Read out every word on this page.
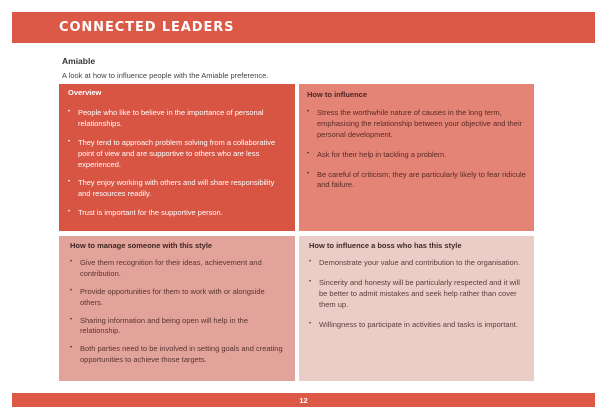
CONNECTED LEADERS
Amiable
A look at how to influence people with the Amiable preference.
Overview
• People who like to believe in the importance of personal relationships.
• They tend to approach problem solving from a collaborative point of view and are supportive to others who are less experienced.
• They enjoy working with others and will share responsibility and resources readily.
• Trust is important for the supportive person.
How to influence
• Stress the worthwhile nature of causes in the long term, emphasising the relationship between your objective and their personal development.
• Ask for their help in tackling a problem.
• Be careful of criticism; they are particularly likely to fear ridicule and failure.
How to manage someone with this style
• Give them recognition for their ideas, achievement and contribution.
• Provide opportunities for them to work with or alongside others.
• Sharing information and being open will help in the relationship.
• Both parties need to be involved in setting goals and creating opportunities to achieve those targets.
How to influence a boss who has this style
• Demonstrate your value and contribution to the organisation.
• Sincerity and honesty will be particularly respected and it will be better to admit mistakes and seek help rather than cover them up.
• Willingness to participate in activities and tasks is important.
12
